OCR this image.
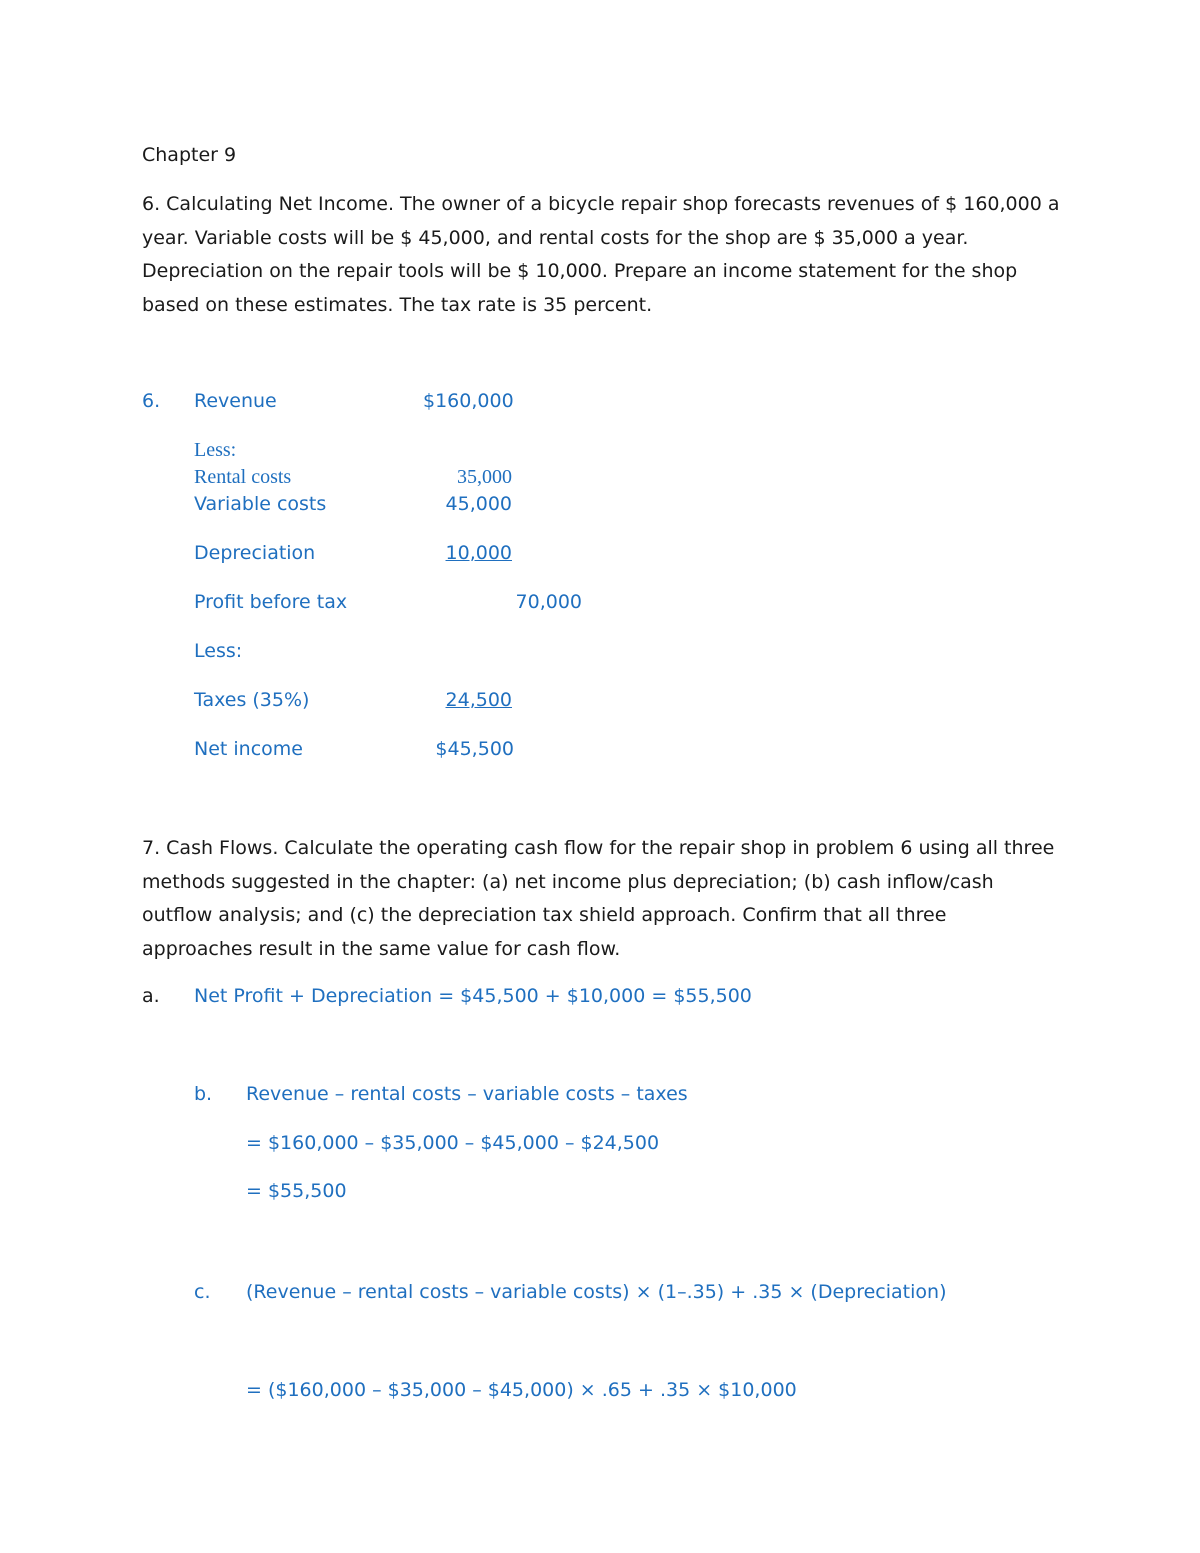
Chapter 9
6. Calculating Net Income. The owner of a bicycle repair shop forecasts revenues of $ 160,000 a year. Variable costs will be $ 45,000, and rental costs for the shop are $ 35,000 a year. Depreciation on the repair tools will be $ 10,000. Prepare an income statement for the shop based on these estimates. The tax rate is 35 percent.
6. Revenue	$160,000
Less:
Rental costs	35,000
Variable costs	45,000
Depreciation	10,000
Profit before tax	70,000
Less:
Taxes (35%)	24,500
Net income	$45,500
7. Cash Flows. Calculate the operating cash flow for the repair shop in problem 6 using all three methods suggested in the chapter: (a) net income plus depreciation; (b) cash inflow/cash outflow analysis; and (c) the depreciation tax shield approach. Confirm that all three approaches result in the same value for cash flow.
a. Net Profit + Depreciation = $45,500 + $10,000 = $55,500
b. Revenue – rental costs – variable costs – taxes
= $160,000 – $35,000 – $45,000 – $24,500
= $55,500
c. (Revenue – rental costs – variable costs) × (1–.35) + .35 × (Depreciation)
= ($160,000 – $35,000 – $45,000) × .65 + .35 × $10,000
